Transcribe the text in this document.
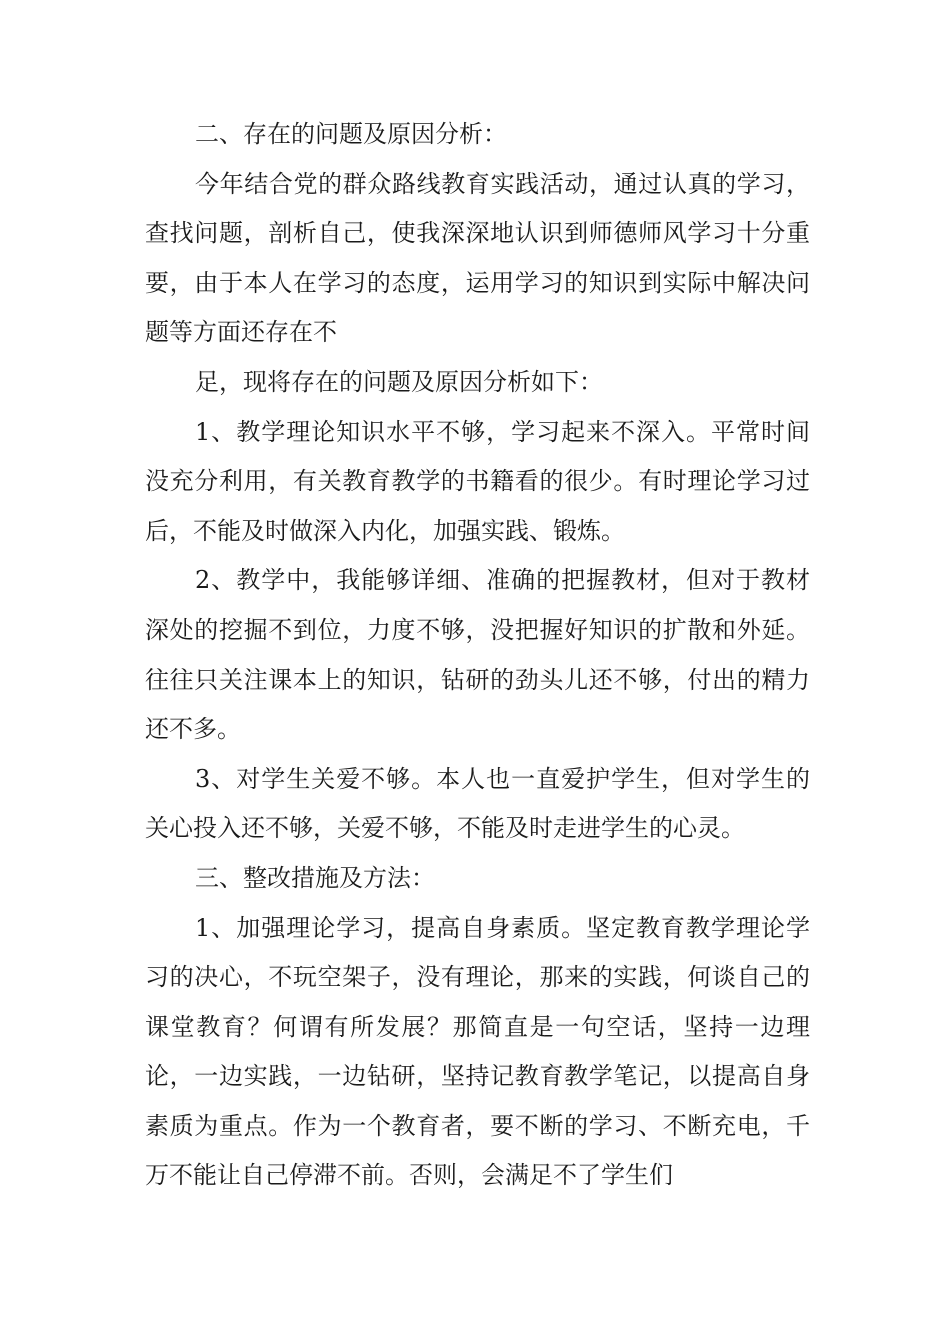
二、存在的问题及原因分析：

今年结合党的群众路线教育实践活动，通过认真的学习，查找问题，剖析自己，使我深深地认识到师德师风学习十分重要，由于本人在学习的态度，运用学习的知识到实际中解决问题等方面还存在不

足，现将存在的问题及原因分析如下：

1、教学理论知识水平不够，学习起来不深入。平常时间没充分利用，有关教育教学的书籍看的很少。有时理论学习过后，不能及时做深入内化，加强实践、锻炼。

2、教学中，我能够详细、准确的把握教材，但对于教材深处的挖掘不到位，力度不够，没把握好知识的扩散和外延。往往只关注课本上的知识，钻研的劲头儿还不够，付出的精力还不多。

3、对学生关爱不够。本人也一直爱护学生，但对学生的关心投入还不够，关爱不够，不能及时走进学生的心灵。

三、整改措施及方法：

1、加强理论学习，提高自身素质。坚定教育教学理论学习的决心，不玩空架子，没有理论，那来的实践，何谈自己的课堂教育？何谓有所发展？那简直是一句空话，坚持一边理论，一边实践，一边钻研，坚持记教育教学笔记，以提高自身素质为重点。作为一个教育者，要不断的学习、不断充电，千万不能让自己停滞不前。否则，会满足不了学生们
